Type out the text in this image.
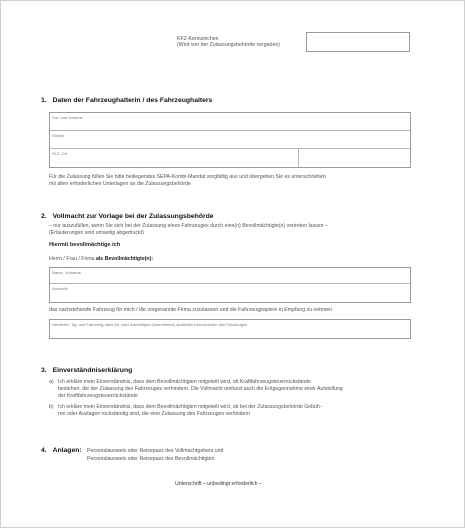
KFZ-Kennzeichen
(Wird von der Zulassungsbehörde vergeben)
1. Daten der Fahrzeughalterin / des Fahrzeughalters
Vor- und Zuname
Straße
PLZ, Ort
Für die Zulassung füllen Sie bitte beiliegendes SEPA-Kombi-Mandat sorgfältig aus und übergeben Sie es unterschrieben
mit allen erforderlichen Unterlagen an die Zulassungsbehörde
2. Vollmacht zur Vorlage bei der Zulassungsbehörde
– nur auszufüllen, wenn Sie sich bei der Zulassung eines Fahrzeuges durch eine(n) Bevollmächtigte(n) vertreten lassen –
(Erläuterungen sind umseitig abgedruckt)
Hiermit bevollmächtige ich
Herrn / Frau / Firma als Bevollmächtigte(n):
Name, Vorname
Anschrift
das nachstehende Fahrzeug für mich / die vorgenannte Firma zuzulassen und die Fahrzeugpapiere in Empfang zu nehmen
Hersteller, Typ und Fahrzeug-Ident-Nr. oder zukünftiges (reserviertes) amtliches Kennzeichen des Fahrzeuges
3. Einverständniserklärung
a) Ich erkläre mein Einverständnis, dass dem Bevollmächtigten mitgeteilt wird, ob Kraftfahrzeugsteuerrückstände
bestehen, die der Zulassung des Fahrzeuges verhindern. Die Vollmacht umfasst auch die Entgegennahme einer Aufstellung
der Kraftfahrzeugsteuerrückstände
b) Ich erkläre mein Einverständnis, dass dem Bevollmächtigten mitgeteilt wird, ob bei der Zulassungsbehörde Gebüh-
ren oder Auslagen rückständig sind, die eine Zulassung des Fahrzeuges verhindern
4. Anlagen: Personalausweis oder Reisepass des Vollmachtgebers und
Personalausweis oder Reisepass des Bevollmächtigten
Unterschrift – unbedingt erforderlich –
